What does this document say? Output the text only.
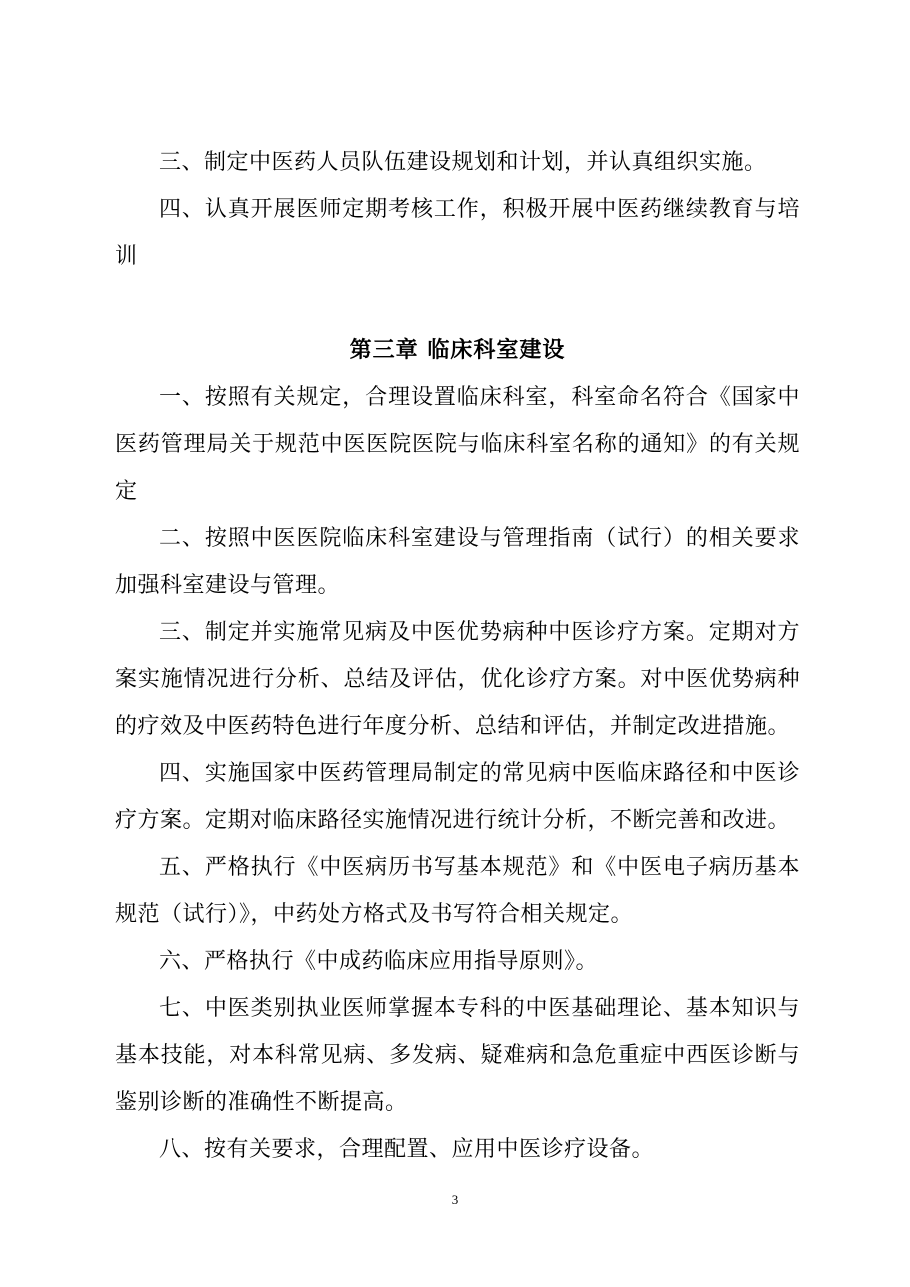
三、制定中医药人员队伍建设规划和计划，并认真组织实施。

四、认真开展医师定期考核工作，积极开展中医药继续教育与培训

第三章 临床科室建设

一、按照有关规定，合理设置临床科室，科室命名符合《国家中医药管理局关于规范中医医院医院与临床科室名称的通知》的有关规定

二、按照中医医院临床科室建设与管理指南（试行）的相关要求加强科室建设与管理。

三、制定并实施常见病及中医优势病种中医诊疗方案。定期对方案实施情况进行分析、总结及评估，优化诊疗方案。对中医优势病种的疗效及中医药特色进行年度分析、总结和评估，并制定改进措施。

四、实施国家中医药管理局制定的常见病中医临床路径和中医诊疗方案。定期对临床路径实施情况进行统计分析，不断完善和改进。

五、严格执行《中医病历书写基本规范》和《中医电子病历基本规范（试行）》，中药处方格式及书写符合相关规定。

六、严格执行《中成药临床应用指导原则》。

七、中医类别执业医师掌握本专科的中医基础理论、基本知识与基本技能，对本科常见病、多发病、疑难病和急危重症中西医诊断与鉴别诊断的准确性不断提高。

八、按有关要求，合理配置、应用中医诊疗设备。

3
